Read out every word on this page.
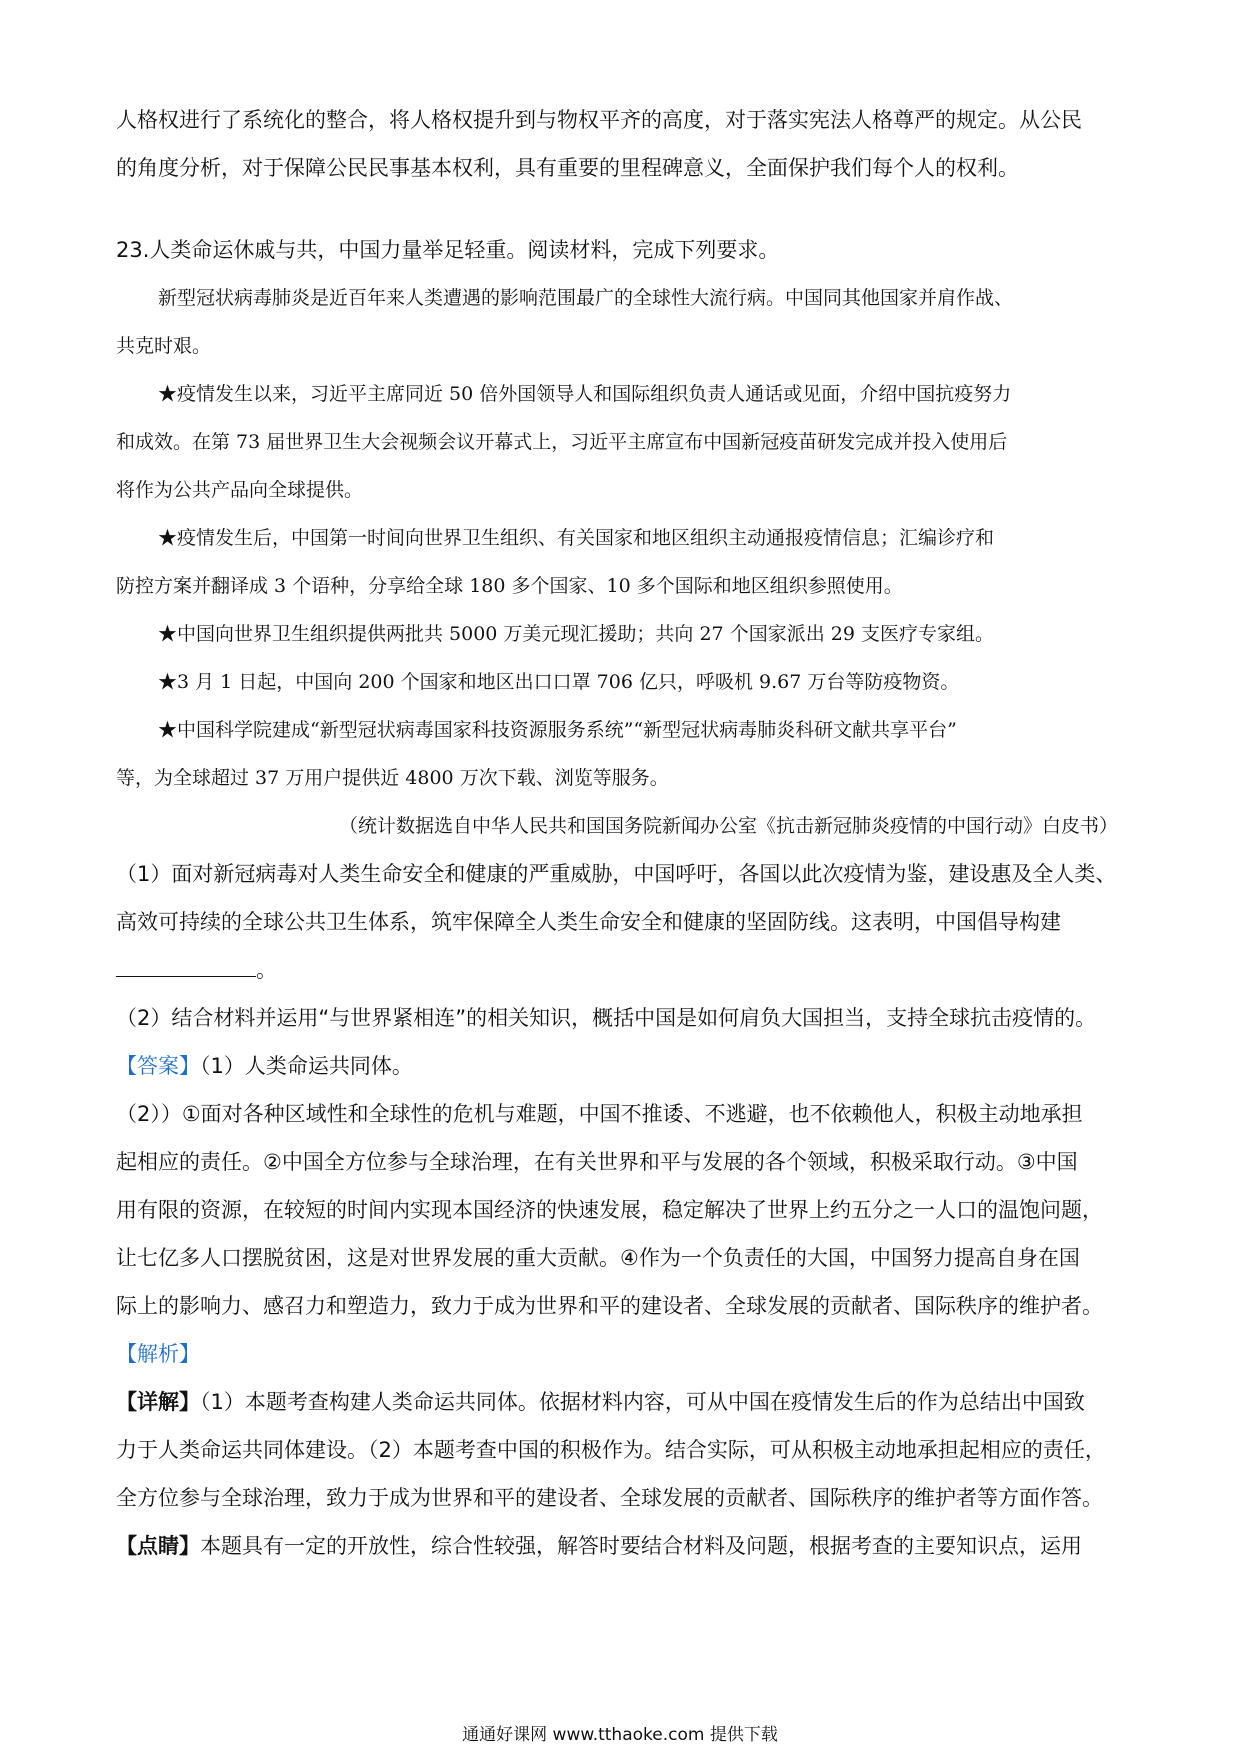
人格权进行了系统化的整合，将人格权提升到与物权平齐的高度，对于落实宪法人格尊严的规定。从公民
的角度分析，对于保障公民民事基本权利，具有重要的里程碑意义，全面保护我们每个人的权利。
23.人类命运休戚与共，中国力量举足轻重。阅读材料，完成下列要求。
新型冠状病毒肺炎是近百年来人类遭遇的影响范围最广的全球性大流行病。中国同其他国家并肩作战、
共克时艰。
★疫情发生以来，习近平主席同近 50 倍外国领导人和国际组织负责人通话或见面，介绍中国抗疫努力
和成效。在第 73 届世界卫生大会视频会议开幕式上，习近平主席宣布中国新冠疫苗研发完成并投入使用后
将作为公共产品向全球提供。
★疫情发生后，中国第一时间向世界卫生组织、有关国家和地区组织主动通报疫情信息；汇编诊疗和
防控方案并翻译成 3 个语种，分享给全球 180 多个国家、10 多个国际和地区组织参照使用。
★中国向世界卫生组织提供两批共 5000 万美元现汇援助；共向 27 个国家派出 29 支医疗专家组。
★3 月 1 日起，中国向 200 个国家和地区出口口罩 706 亿只，呼吸机 9.67 万台等防疫物资。
★中国科学院建成“新型冠状病毒国家科技资源服务系统”“新型冠状病毒肺炎科研文献共享平台”
等，为全球超过 37 万用户提供近 4800 万次下载、浏览等服务。
（统计数据选自中华人民共和国国务院新闻办公室《抗击新冠肺炎疫情的中国行动》白皮书）
（1）面对新冠病毒对人类生命安全和健康的严重威胁，中国呼吁，各国以此次疫情为鉴，建设惠及全人类、
高效可持续的全球公共卫生体系，筑牢保障全人类生命安全和健康的坚固防线。这表明，中国倡导构建
。
（2）结合材料并运用“与世界紧相连”的相关知识，概括中国是如何肩负大国担当，支持全球抗击疫情的。
【答案】（1）人类命运共同体。
（2））①面对各种区域性和全球性的危机与难题，中国不推诿、不逃避，也不依赖他人，积极主动地承担
起相应的责任。②中国全方位参与全球治理，在有关世界和平与发展的各个领域，积极采取行动。③中国
用有限的资源，在较短的时间内实现本国经济的快速发展，稳定解决了世界上约五分之一人口的温饱问题，
让七亿多人口摆脱贫困，这是对世界发展的重大贡献。④作为一个负责任的大国，中国努力提高自身在国
际上的影响力、感召力和塑造力，致力于成为世界和平的建设者、全球发展的贡献者、国际秩序的维护者。
【解析】
【详解】（1）本题考查构建人类命运共同体。依据材料内容，可从中国在疫情发生后的作为总结出中国致
力于人类命运共同体建设。（2）本题考查中国的积极作为。结合实际，可从积极主动地承担起相应的责任，
全方位参与全球治理，致力于成为世界和平的建设者、全球发展的贡献者、国际秩序的维护者等方面作答。
【点睛】本题具有一定的开放性，综合性较强，解答时要结合材料及问题，根据考查的主要知识点，运用
通通好课网 www.tthaoke.com 提供下载
